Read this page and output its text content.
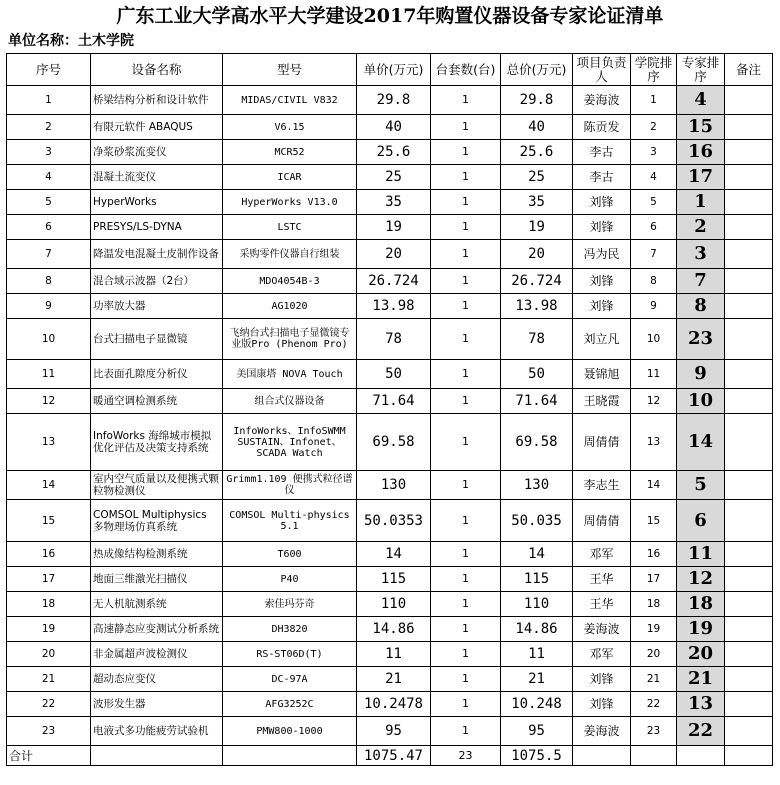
广东工业大学高水平大学建设2017年购置仪器设备专家论证清单
单位名称：土木学院
序号	设备名称	型号	单价(万元)	台套数(台)	总价(万元)	项目负责人	学院排序	专家排序	备注
1	桥梁结构分析和设计软件	MIDAS/CIVIL V832	29.8	1	29.8	姜海波	1	4	
2	有限元软件 ABAQUS	V6.15	40	1	40	陈贡发	2	15	
3	净浆砂浆流变仪	MCR52	25.6	1	25.6	李古	3	16	
4	混凝土流变仪	ICAR	25	1	25	李古	4	17	
5	HyperWorks	HyperWorks V13.0	35	1	35	刘锋	5	1	
6	PRESYS/LS-DYNA	LSTC	19	1	19	刘锋	6	2	
7	降温发电混凝土皮制作设备	采购零件仪器自行组装	20	1	20	冯为民	7	3	
8	混合域示波器（2台）	MDO4054B-3	26.724	1	26.724	刘锋	8	7	
9	功率放大器	AG1020	13.98	1	13.98	刘锋	9	8	
10	台式扫描电子显微镜	飞纳台式扫描电子显微镜专业版Pro (Phenom Pro)	78	1	78	刘立凡	10	23	
11	比表面孔隙度分析仪	美国康塔 NOVA Touch	50	1	50	聂锦旭	11	9	
12	暖通空调检测系统	组合式仪器设备	71.64	1	71.64	王晓霞	12	10	
13	InfoWorks 海绵城市模拟优化评估及决策支持系统	InfoWorks、InfoSWMM SUSTAIN、Infonet、SCADA Watch	69.58	1	69.58	周倩倩	13	14	
14	室内空气质量以及便携式颗粒物检测仪	Grimm1.109 便携式粒径谱仪	130	1	130	李志生	14	5	
15	COMSOL Multiphysics 多物理场仿真系统	COMSOL Multi-physics 5.1	50.0353	1	50.035	周倩倩	15	6	
16	热成像结构检测系统	T600	14	1	14	邓军	16	11	
17	地面三维激光扫描仪	P40	115	1	115	王华	17	12	
18	无人机航测系统	索佳玛芬奇	110	1	110	王华	18	18	
19	高速静态应变测试分析系统	DH3820	14.86	1	14.86	姜海波	19	19	
20	非金属超声波检测仪	RS-ST06D(T)	11	1	11	邓军	20	20	
21	超动态应变仪	DC-97A	21	1	21	刘锋	21	21	
22	波形发生器	AFG3252C	10.2478	1	10.248	刘锋	22	13	
23	电液式多功能疲劳试验机	PMW800-1000	95	1	95	姜海波	23	22	
合计			1075.47	23	1075.5				
